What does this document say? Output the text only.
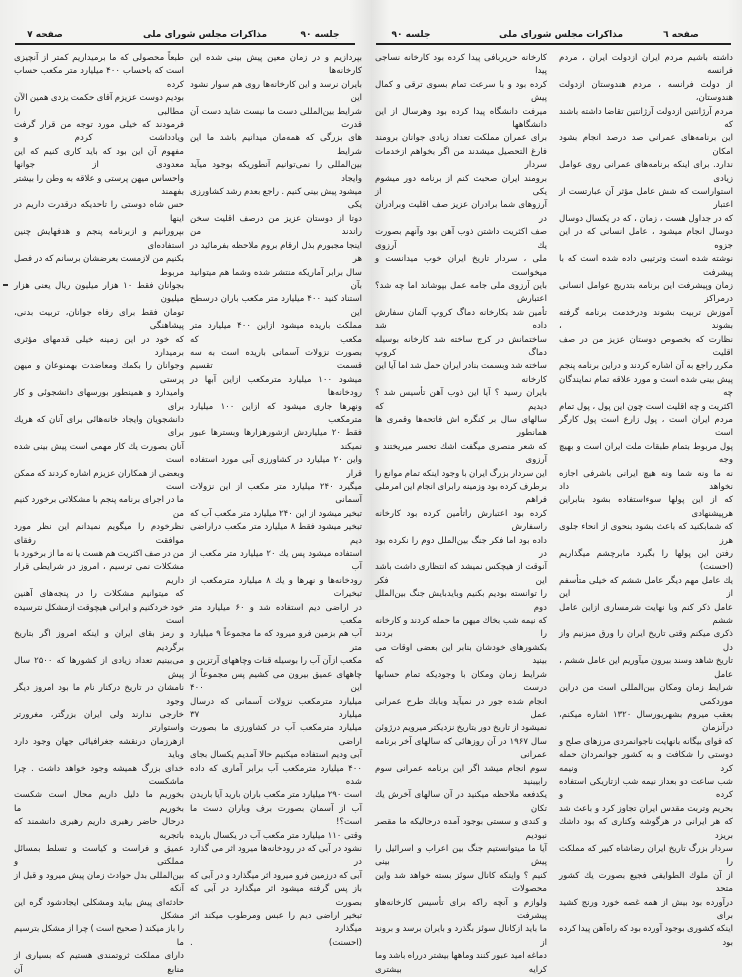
صفحه ۷	مذاکرات مجلس شورای ملی	جلسه ۹۰
بپردازیم و در زمان معین پیش بینی شده این کارخانه‌ها
بایران نرسد و این کارخانه‌ها روی هم سوار نشود این
شرایط بین‌المللی دست ما نیست شاید دست آن قدرت
های بزرگی که همه‌مان میدانیم باشد ما این شرایط
بین‌المللی را نمی‌توانیم آنطوریکه بوجود میآید وایجاد
میشود پیش بینی کنیم . راجع بعدم رشد کشاورزی یکی
دوتا از دوستان عزیز من درصف اقلیت سخن راندند من
اینجا مجبورم بذل ارقام بروم ملاحظه بفرمائید در هر
سال برابر آماریکه منتشر شده وشما هم میتوانید بآن
استناد کنید ۴۰۰ میلیارد متر مکعب باران درسطح این
مملکت باریده میشود ازاین ۴۰۰ میلیارد متر مکعب که
بصورت نزولات آسمانی باریده است به سه قسمت تقسیم
میشود ۱۰۰ میلیارد مترمکعب ازاین آبها در رودخانه‌ها
ونهرها جاری میشود که ازاین ۱۰۰ میلیارد مترمکعب
فقط ۲۰ میلیاردش ازشورهزارها وبسترها عبور نمیکند
واین ۲۰ میلیارد در کشاورزی آبی مورد استفاده قرار
میگیرد ۲۴۰ میلیارد متر مکعب از این نزولات آسمانی
تبخیر میشود از این ۲۴۰ میلیارد متر مکعب آب که
تبخیر میشود فقط ۸ میلیارد متر مکعب دراراضی دیم
استفاده میشود پس یك ۲۰ میلیارد متر مکعب از آب
رودخانه‌ها و نهرها و یك ۸ میلیارد مترمکعب از تبخیرات
در اراضی دیم استفاده شد و ۶۰ میلیارد متر مکعب
آب هم بزمین فرو میرود که ما مجموعاً ۹ میلیارد متر
مکعب ازآن آب را بوسیله قنات وچاههای آرتزین و
چاههای عمیق بیرون می کشیم پس مجموعاً از این ۴۰۰
میلیارد مترمکعب نزولات آسمانی که درسال میلیارد ۳۷
میلیارد مترمکعب آب در کشاورزی ما بصورت اراضی
آبی ودیم استفاده میکنیم حالا آمدیم یکسال بجای
۴۰۰ میلیارد مترمکعب آب برابر آماری که داده شده
است ۲۹۰ میلیارد متر مکعب باران بارید آیا باریدن
آب از آسمان بصورت برف وباران دست ما است؟!
وقتی ۱۱۰ میلیارد متر مکعب آب در یکسال باریده
نشود در آبی که در رودخانه‌ها میرود اثر می گذارد در
آبی که درزمین فرو میرود اثر میگذارد و در آبی که
باز پس گرفته میشود اثر میگذارد در آبی که بصورت
تبخیر اراضی دیم را عبس ومرطوب میکند اثر میگذارد
(احسنت) .
طبعاً محصولی که ما برمیداریم کمتر از آنچیزی
است که باحساب ۴۰۰ میلیارد متر مکعب حساب کرده
بودیم دوست عزیزم آقای حکمت یزدی همین الآن مطالبی را
فرمودند که خیلی مورد توجه من قرار گرفت ویادداشت کردم و
مفهوم آن این بود که باید کاری کنیم که این معدودی از جوانها
واحساس میهن پرستی و علاقه به وطن را بیشتر بفهمند
حس شاه دوستی را تاحدیکه درقدرت داریم در اینها
بپرورانیم و ازبرنامه پنجم و هدفهایش چنین استفاده‌ای
بکنیم من لازمست بعرضشان برسانم که در فصل مربوط
بجوانان فقط ۱۰ هزار میلیون ریال یعنی هزار میلیون
تومان فقط برای رفاه جوانان، تربیت بدنی، پیشاهنگی
که خود در این زمینه خیلی قدمهای مؤثری برمیدارد
وجوانان را بکمك ومعاضدت بهمنوعان و میهن پرستی
وامیدارد و همینطور بورسهای دانشجوئی و کار برای
دانشجویان وایجاد خانه‌هائی برای آنان که هریك برای
آنان بصورت یك کار مهمی است پیش بینی شده است
وبعضی از همکاران عزیزم اشاره کردند که ممکن است
ما در اجرای برنامه پنجم با مشکلاتی برخورد کنیم من
نظرخودم را میگویم نمیدانم این نظر مورد موافقت رفقای
من در صف اکثریت هم هست یا نه ما از برخورد با
مشکلات نمی ترسیم ، امروز در شرایطی قرار داریم
که میتوانیم مشکلات را در پنجه‌های آهنین
خود خردکنیم و ایرانی هیچوقت ازمشکل نترسیده است
و رمز بقای ایران و اینکه امروز اگر بتاریخ برگردیم
می‌بینیم تعداد زیادی از کشورها که ۲۵۰۰ سال پیش
نامشان در تاریخ درکنار نام ما بود امروز دیگر وجود
خارجی ندارند ولی ایران بزرگتر، مغرورتر واستوارتر
ازهرزمان درنقشه جغرافیائی جهان وجود دارد وباید
خدای بزرگ همیشه وجود خواهد داشت . چرا ماشکست
بخوریم ما دلیل داریم محال است شکست بخوریم ما
درحال حاضر رهبری داریم رهبری دانشمند که باتجربه
عمیق و فراست و کیاست و تسلط بمسائل مملکتی و
بین‌المللی بدل حوادث زمان پیش میرود و قبل از آنکه
حادثه‌ای پیش بیاید ومشکلی ایجادشود گره این مشکل
را باز میکند ( صحیح است ) چرا از مشکل بترسیم ما
دارای مملکت ثروتمندی هستیم که بسیاری از منابع آن
صفحه ٦
مذاکرات مجلس شورای ملی
جلسه ۹۰
داشته باشیم مردم ایران ازدولت ایران ، مردم فرانسه
از دولت فرانسه ، مردم هندوستان ازدولت هندوستان،
مردم آرژانتین ازدولت آرژانتین تقاضا داشته باشند که
این برنامه‌های عمرانی صد درصد انجام بشود امکان
ندارد. برای اینکه برنامه‌های عمرانی روی عوامل زیادی
استواراست که شش عامل مؤثر آن عبارتست از اعتبار
که در جداول هست ، زمان ، که در یکسال دوسال
دوسال انجام میشود ، عامل انسانی که در این جزوه
نوشته شده است وترتیبی داده شده است که با پیشرفت
زمان وپیشرفت این برنامه بتدریج عوامل انسانی درمراکز
آموزش تربیت بشوند ودرخدمت برنامه گرفته بشوند ،
نظارت که بخصوص دوستان عزیز من در صف اقلیت
مکرر راجع به آن اشاره کردند و دراین برنامه پنجم
پیش بینی شده است و مورد علاقه تمام نمایندگان چه
اکثریت و چه اقلیت است چون این پول ، پول تمام
مردم ایران است ، پول زارع است پول کارگر است
پول مربوط بتمام طبقات ملت ایران است و بهیچ وجه
نه ما ونه شما ونه هیچ ایرانی باشرفی اجازه نخواهد داد
که از این پولها سوءاستفاده بشود بنابراین هرپیشنهادی
که شمابکنید که باعث بشود بنحوی از انحاء جلوی هرز
رفتن این پولها را بگیرد مابرچشم میگذاریم (احسنت)
یك عامل مهم دیگر عامل ششم که خیلی متأسفم از این
عامل ذکر کنم وبا نهایت شرمساری ازاین عامل ششم
ذکری میکنم وقتی تاریخ ایران را ورق میزنیم واز دل
تاریخ شاهد وسند بیرون میآوریم این عامل ششم ، عامل
شرایط زمان ومکان بین‌المللی است من دراین موردکمی
بعقب میروم بشهریورسال ۱۳۲۰ اشاره میکنم، درآنزمان
که قوای بیگانه بانهایت ناجوانمردی مرزهای صلح و
دوستی را شکافت و به کشور جوانمردان حمله کرد ونیمه
شب ساعت دو بعداز نیمه شب ازتاریکی استفاده کرده و
بحریم وتربت مقدس ایران تجاوز کرد و باعث شد
که هر ایرانی در هرگوشه وکناری که بود داشك بریزد
سردار بزرگ تاریخ ایران رضاشاه کبیر که مملکت را
از آن ملوك الطوایفی فجیع بصورت یك کشور متحد
درآورده بود بیش از همه غصه خورد ورنج کشید برای
اینکه کشوری بوجود آورده بود که راه‌آهن پیدا کرده بود
کارخانه حریربافی پیدا کرده بود کارخانه نساجی پیدا
کرده بود و با سرعت تمام بسوی ترقی و کمال پیش
میرفت دانشگاه پیدا کرده بود وهرسال از این دانشگاهها
برای عمران مملکت تعداد زیادی جوانان برومند
فارغ التحصیل میشدند من اگر بخواهم ازخدمات سردار
برومند ایران صحبت کنم از برنامه دور میشوم یکی از
آرزوهای شما برادران عزیز صف اقلیت وبرادران در
صف اکثریت داشتن ذوب آهن بود وآنهم بصورت یك آرزوی
ملی ، سردار تاریخ ایران خوب میدانست و میخواست
باین آرزوی ملی جامه عمل بپوشاند اما چه شد؟ اعتبارش
تأمین شد بکارخانه دماگ کروپ آلمان سفارش داده شد
ساختمانش در کرج ساخته شد کارخانه بوسیله دماگ کروپ
ساخته شد وبسمت بنادر ایران حمل شد اما آیا این کارخانه
بایران رسید ؟ آیا این ذوب آهن تأسیس شد ؟ دیدیم که
سالهای سال بر کنگره اش فاتحه‌ها وقمری ها همانطور
که شعر منصری میگفت اشك تحسر میریختند و آرزوی
این سردار بزرگ ایران با وجود اینکه تمام موانع را
برطرف کرده بود وزمینه رابرای انجام این امرملی فراهم
کرده بود اعتبارش راتأمین کرده بود کارخانه راسفارش
داده بود اما فکر جنگ بین‌الملل دوم را نکرده بود در
آنوقت از هیچکس نمیشد که انتظاری داشت باشد این فکر
را توانسته بودیم بکنیم وبایدبایش جنگ بین‌الملل دوم
که نیمه شب بخاك میهن ما حمله کردند و کارخانه را بردند
بکشورهای خودشان بنابر این بعضی اوقات می بینید که
شرایط زمان ومکان با وجودیکه تمام حسابها درست
انجام شده جور در نمیآید وبابك طرح عمرانی عمل
نمیشود از تاریخ دور بتاریخ نزدیکتر میرویم درژوئن
سال ۱۹۶۷ در آن روزهائی که سالهای آخر برنامه عمرانی
سوم انجام میشد اگر این برنامه عمرانی سوم رابیبنید
یکدفعه ملاحظه میکنید در آن سالهای آخرش یك تکان
و کندی و سستی بوجود آمده درحالیکه ما مقصر نبودیم
آیا ما میتوانستیم جنگ بین اعراب و اسرائیل را پیش بینی
کنیم ؟ واینکه کانال سوئز بسته خواهد شد واین محصولات
ولوازم و آنچه راکه برای تأسیس کارخانه‌هاو پیشرفت
ما باید ازکانال سوئز بگذرد و بایران برسد و بروند از
دماغه امید عبور کنند وماهها بیشتر درراه باشد وما کرایه بیشتری
